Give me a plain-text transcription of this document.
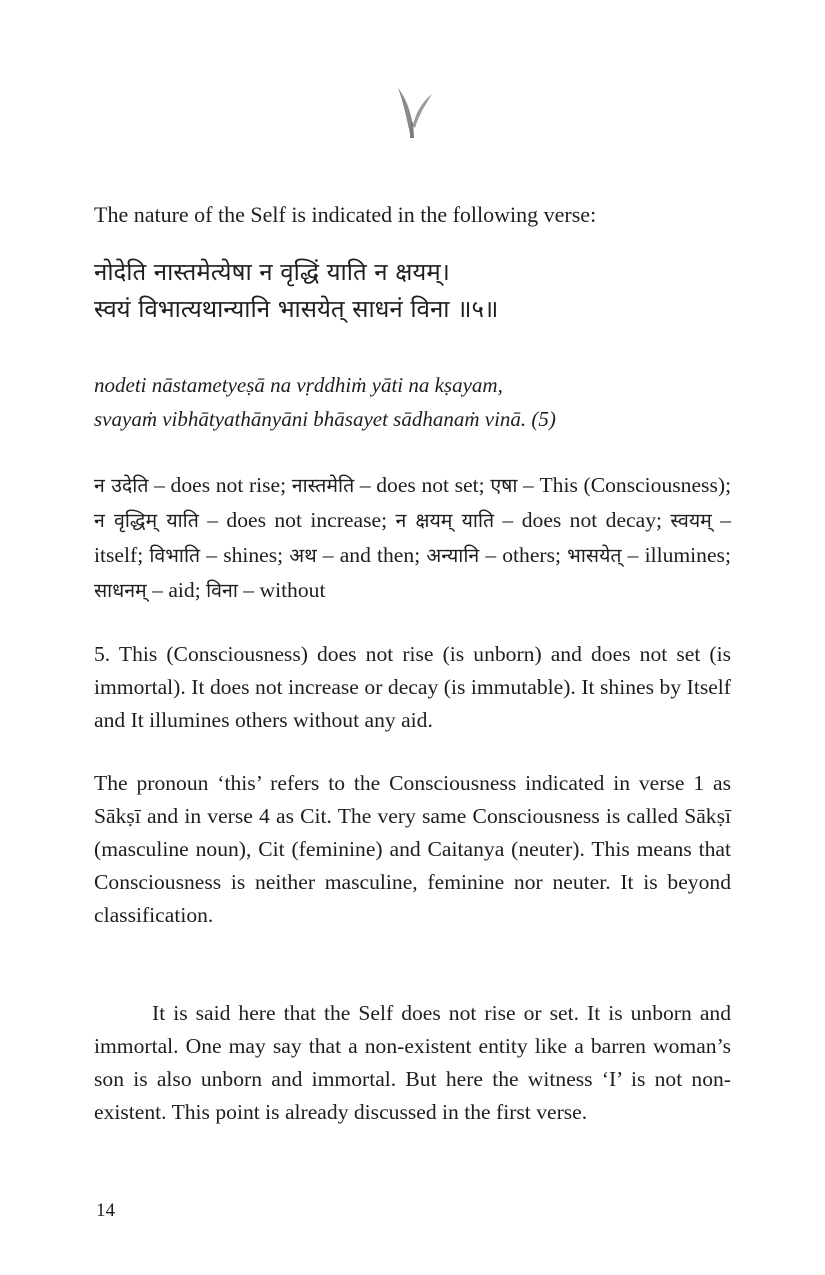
The nature of the Self is indicated in the following verse:

नोदेति नास्तमेत्येषा न वृद्धिं याति न क्षयम्।
स्वयं विभात्यथान्यानि भासयेत् साधनं विना ॥५॥
nodeti nāstametyeṣā na vṛddhiṁ yāti na kṣayam,
svayaṁ vibhātyathānyāni bhāsayet sādhanaṁ vinā. (5)

न उदेति – does not rise; नास्तमेति – does not set; एषा – This (Consciousness); न वृद्धिम् याति – does not increase; न क्षयम् याति – does not decay; स्वयम् – itself; विभाति – shines; अथ – and then; अन्यानि – others; भासयेत् – illumines; साधनम् – aid; विना – without

5. This (Consciousness) does not rise (is unborn) and does not set (is immortal). It does not increase or decay (is immutable). It shines by Itself and It illumines others without any aid.

The pronoun ‘this’ refers to the Consciousness indicated in verse 1 as Sākṣī and in verse 4 as Cit. The very same Consciousness is called Sākṣī (masculine noun), Cit (feminine) and Caitanya (neuter). This means that Consciousness is neither masculine, feminine nor neuter. It is beyond classification.

It is said here that the Self does not rise or set. It is unborn and immortal. One may say that a non-existent entity like a barren woman’s son is also unborn and immortal. But here the witness ‘I’ is not non-existent. This point is already discussed in the first verse.

14
